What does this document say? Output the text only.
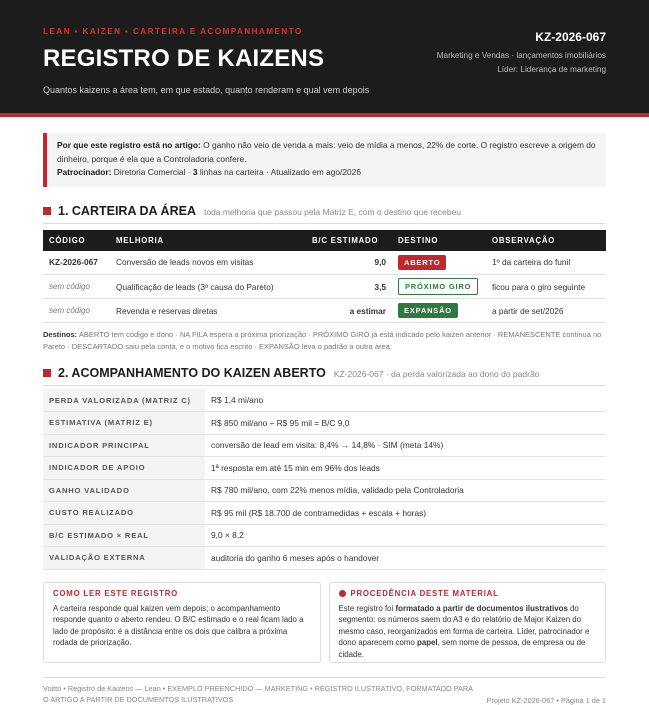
LEAN • KAIZEN • CARTEIRA E ACOMPANHAMENTO
REGISTRO DE KAIZENS
Quantos kaizens a área tem, em que estado, quanto renderam e qual vem depois
KZ-2026-067
Marketing e Vendas · lançamentos imobiliários
Líder: Liderança de marketing
Por que este registro está no artigo: O ganho não veio de venda a mais: veio de mídia a menos, 22% de corte. O registro escreve a origem do dinheiro, porque é ela que a Controladoria confere.
Patrocinador: Diretoria Comercial · 3 linhas na carteira · Atualizado em ago/2026
1. CARTEIRA DA ÁREA toda melhoria que passou pela Matriz E, com o destino que recebeu
CÓDIGO	MELHORIA	B/C ESTIMADO	DESTINO	OBSERVAÇÃO
KZ-2026-067	Conversão de leads novos em visitas	9,0	ABERTO	1º da carteira do funil
sem código	Qualificação de leads (3ª causa do Pareto)	3,5	PRÓXIMO GIRO	ficou para o giro seguinte
sem código	Revenda e reservas diretas	a estimar	EXPANSÃO	a partir de set/2026
Destinos: ABERTO tem código e dono · NA FILA espera a próxima priorização · PRÓXIMO GIRO já está indicado pelo kaizen anterior · REMANESCENTE continua no Pareto · DESCARTADO saiu pela conta, e o motivo fica escrito · EXPANSÃO leva o padrão a outra área.
2. ACOMPANHAMENTO DO KAIZEN ABERTO KZ-2026-067 · da perda valorizada ao dono do padrão
PERDA VALORIZADA (MATRIZ C)	R$ 1,4 mi/ano
ESTIMATIVA (MATRIZ E)	R$ 850 mil/ano ÷ R$ 95 mil = B/C 9,0
INDICADOR PRINCIPAL	conversão de lead em visita: 8,4% → 14,8% · SIM (meta 14%)
INDICADOR DE APOIO	1ª resposta em até 15 min em 96% dos leads
GANHO VALIDADO	R$ 780 mil/ano, com 22% menos mídia, validado pela Controladoria
CUSTO REALIZADO	R$ 95 mil (R$ 18.700 de contramedidas + escala + horas)
B/C ESTIMADO × REAL	9,0 × 8,2
VALIDAÇÃO EXTERNA	auditoria do ganho 6 meses após o handover
COMO LER ESTE REGISTRO
A carteira responde qual kaizen vem depois; o acompanhamento responde quanto o aberto rendeu. O B/C estimado e o real ficam lado a lado de propósito: é a distância entre os dois que calibra a próxima rodada de priorização.
PROCEDÊNCIA DESTE MATERIAL
Este registro foi formatado a partir de documentos ilustrativos do segmento: os números saem do A3 e do relatório de Major Kaizen do mesmo caso, reorganizados em forma de carteira. Líder, patrocinador e dono aparecem como papel, sem nome de pessoa, de empresa ou de cidade.
Voitto • Registro de Kaizens — Lean • EXEMPLO PREENCHIDO — MARKETING • REGISTRO ILUSTRATIVO, FORMATADO PARA O ARTIGO A PARTIR DE DOCUMENTOS ILUSTRATIVOS	Projeto KZ-2026-067 • Página 1 de 1
